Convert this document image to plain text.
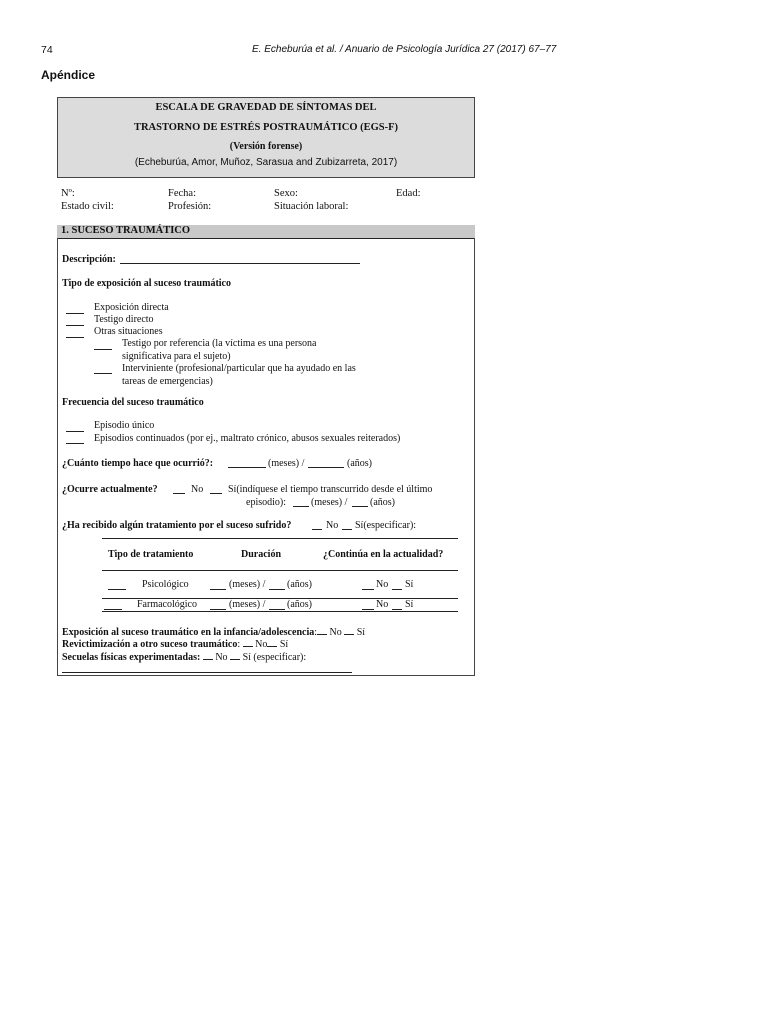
74	E. Echeburúa et al. / Anuario de Psicología Jurídica 27 (2017) 67–77
Apéndice
ESCALA DE GRAVEDAD DE SÍNTOMAS DEL
TRASTORNO DE ESTRÉS POSTRAUMÁTICO (EGS-F)
(Versión forense)
(Echeburúa, Amor, Muñoz, Sarasua and Zubizarreta, 2017)
Nº:	Fecha:	Sexo:	Edad:
Estado civil:	Profesión:	Situación laboral:
1. SUCESO TRAUMÁTICO
Descripción:
Tipo de exposición al suceso traumático
Exposición directa
Testigo directo
Otras situaciones
Testigo por referencia (la víctima es una persona
significativa para el sujeto)
Interviniente (profesional/particular que ha ayudado en las
tareas de emergencias)
Frecuencia del suceso traumático
Episodio único
Episodios continuados (por ej., maltrato crónico, abusos sexuales reiterados)
¿Cuánto tiempo hace que ocurrió?:	(meses) /	(años)
¿Ocurre actualmente?	No Sí(indíquese el tiempo transcurrido desde el último
episodio):	(meses) / (años)
¿Ha recibido algún tratamiento por el suceso sufrido?	No Sí(especificar):
Tipo de tratamiento	Duración	¿Continúa en la actualidad?
Psicológico	(meses) / (años)	No Sí
Farmacológico	(meses) / (años)	No Sí
Exposición al suceso traumático en la infancia/adolescencia: No Sí
Revictimización a otro suceso traumático: No Sí
Secuelas físicas experimentadas: No Sí (especificar):
